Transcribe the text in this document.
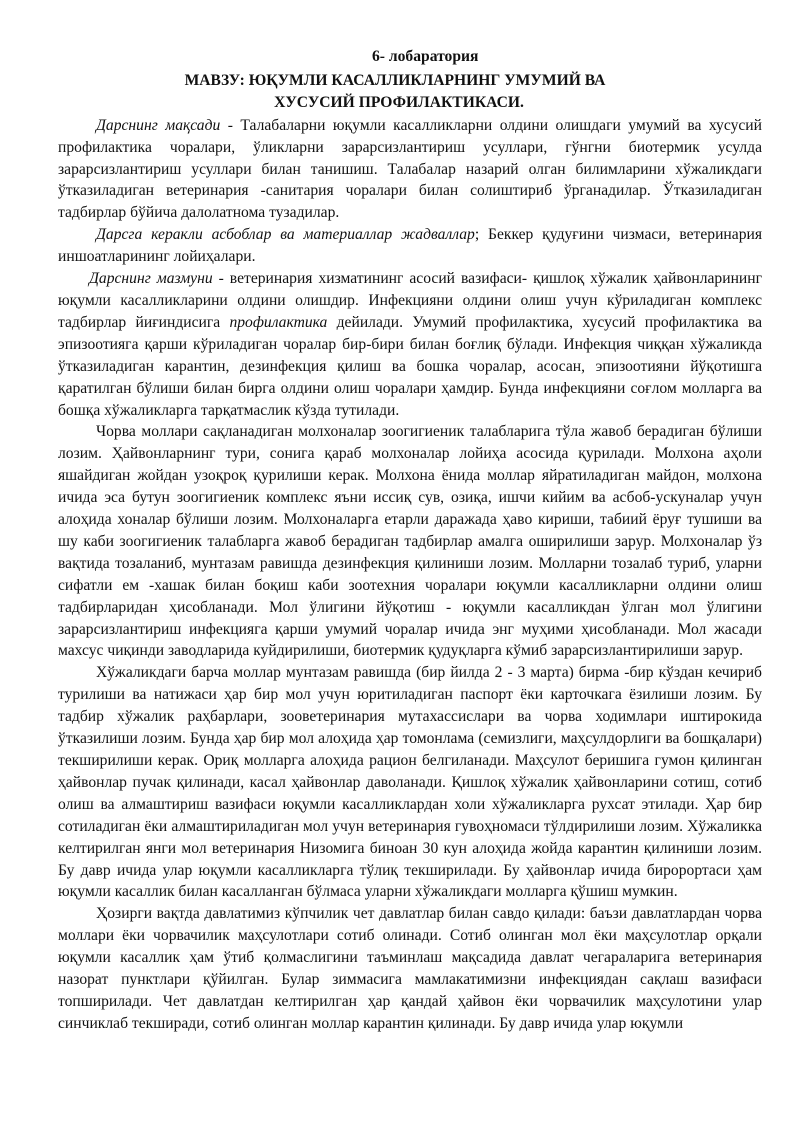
6- лобаратория
МАВЗУ: ЮҚУМЛИ КАСАЛЛИКЛАРНИНГ УМУМИЙ ВА
ХУСУСИЙ ПРОФИЛАКТИКАСИ.

Дарснинг мақсади - Талабаларни юқумли касалликларни олдини олишдаги умумий ва хусусий профилактика чоралари, ўликларни зарарсизлантириш усуллари, гўнгни биотермик усулда зарарсизлантириш усуллари билан танишиш. Талабалар назарий олган билимларини хўжаликдаги ўтказиладиган ветеринария -санитария чоралари билан солиштириб ўрганадилар. Ўтказиладиган тадбирлар бўйича далолатнома тузадилар.

Дарсга керакли асбоблар ва материаллар жадваллар; Беккер қудуғини чизмаси, ветеринария иншоатларининг лойиҳалари.

Дарснинг мазмуни - ветеринария хизматининг асосий вазифаси- қишлоқ хўжалик ҳайвонларининг юқумли касалликларини олдини олишдир. Инфекцияни олдини олиш учун кўриладиган комплекс тадбирлар йиғиндисига профилактика дейилади. Умумий профилактика, хусусий профилактика ва эпизоотияга қарши кўриладиган чоралар бир-бири билан боғлиқ бўлади. Инфекция чиққан хўжаликда ўтказиладиган карантин, дезинфекция қилиш ва бошка чоралар, асосан, эпизоотияни йўқотишга қаратилган бўлиши билан бирга олдини олиш чоралари ҳамдир. Бунда инфекцияни соғлом молларга ва бошқа хўжаликларга тарқатмаслик кўзда тутилади.

Чорва моллари сақланадиган молхоналар зоогигиеник талабларига тўла жавоб берадиган бўлиши лозим. Ҳайвонларнинг тури, сонига қараб молхоналар лойиҳа асосида қурилади. Молхона аҳоли яшайдиган жойдан узоқроқ қурилиши керак. Молхона ёнида моллар яйратиладиган майдон, молхона ичида эса бутун зоогигиеник комплекс яъни иссиқ сув, озиқа, ишчи кийим ва асбоб-ускуналар учун алоҳида хоналар бўлиши лозим. Молхоналарга етарли даражада ҳаво кириши, табиий ёруғ тушиши ва шу каби зоогигиеник талабларга жавоб берадиган тадбирлар амалга оширилиши зарур. Молхоналар ўз вақтида тозаланиб, мунтазам равишда дезинфекция қилиниши лозим. Молларни тозалаб туриб, уларни сифатли ем -хашак билан боқиш каби зоотехния чоралари юқумли касалликларни олдини олиш тадбирларидан ҳисобланади. Мол ўлигини йўқотиш - юқумли касалликдан ўлган мол ўлигини зарарсизлантириш инфекцияга қарши умумий чоралар ичида энг муҳими ҳисобланади. Мол жасади махсус чиқинди заводларида куйдирилиши, биотермик қудуқларга кўмиб зарарсизлантирилиши зарур.

Хўжаликдаги барча моллар мунтазам равишда (бир йилда 2 - 3 марта) бирма -бир кўздан кечириб турилиши ва натижаси ҳар бир мол учун юритиладиган паспорт ёки карточкага ёзилиши лозим. Бу тадбир хўжалик раҳбарлари, зооветеринария мутахассислари ва чорва ходимлари иштирокида ўтказилиши лозим. Бунда ҳар бир мол алоҳида ҳар томонлама (семизлиги, маҳсулдорлиги ва бошқалари) текширилиши керак. Ориқ молларга алоҳида рацион белгиланади. Маҳсулот беришига гумон қилинган ҳайвонлар пучак қилинади, касал ҳайвонлар даволанади. Қишлоқ хўжалик ҳайвонларини сотиш, сотиб олиш ва алмаштириш вазифаси юқумли касалликлардан холи хўжаликларга рухсат этилади. Ҳар бир сотиладиган ёки алмаштириладиган мол учун ветеринария гувоҳномаси тўлдирилиши лозим. Хўжаликка келтирилган янги мол ветеринария Низомига биноан 30 кун алоҳида жойда карантин қилиниши лозим. Бу давр ичида улар юқумли касалликларга тўлиқ текширилади. Бу ҳайвонлар ичида биророртаси ҳам юқумли касаллик билан касалланган бўлмаса уларни хўжаликдаги молларга қўшиш мумкин.

Ҳозирги вақтда давлатимиз кўпчилик чет давлатлар билан савдо қилади: баъзи давлатлардан чорва моллари ёки чорвачилик маҳсулотлари сотиб олинади. Сотиб олинган мол ёки маҳсулотлар орқали юқумли касаллик ҳам ўтиб қолмаслигини таъминлаш мақсадида давлат чегараларига ветеринария назорат пунктлари қўйилган. Булар зиммасига мамлакатимизни инфекциядан сақлаш вазифаси топширилади. Чет давлатдан келтирилган ҳар қандай ҳайвон ёки чорвачилик маҳсулотини улар синчиклаб текширади, сотиб олинган моллар карантин қилинади. Бу давр ичида улар юқумли
